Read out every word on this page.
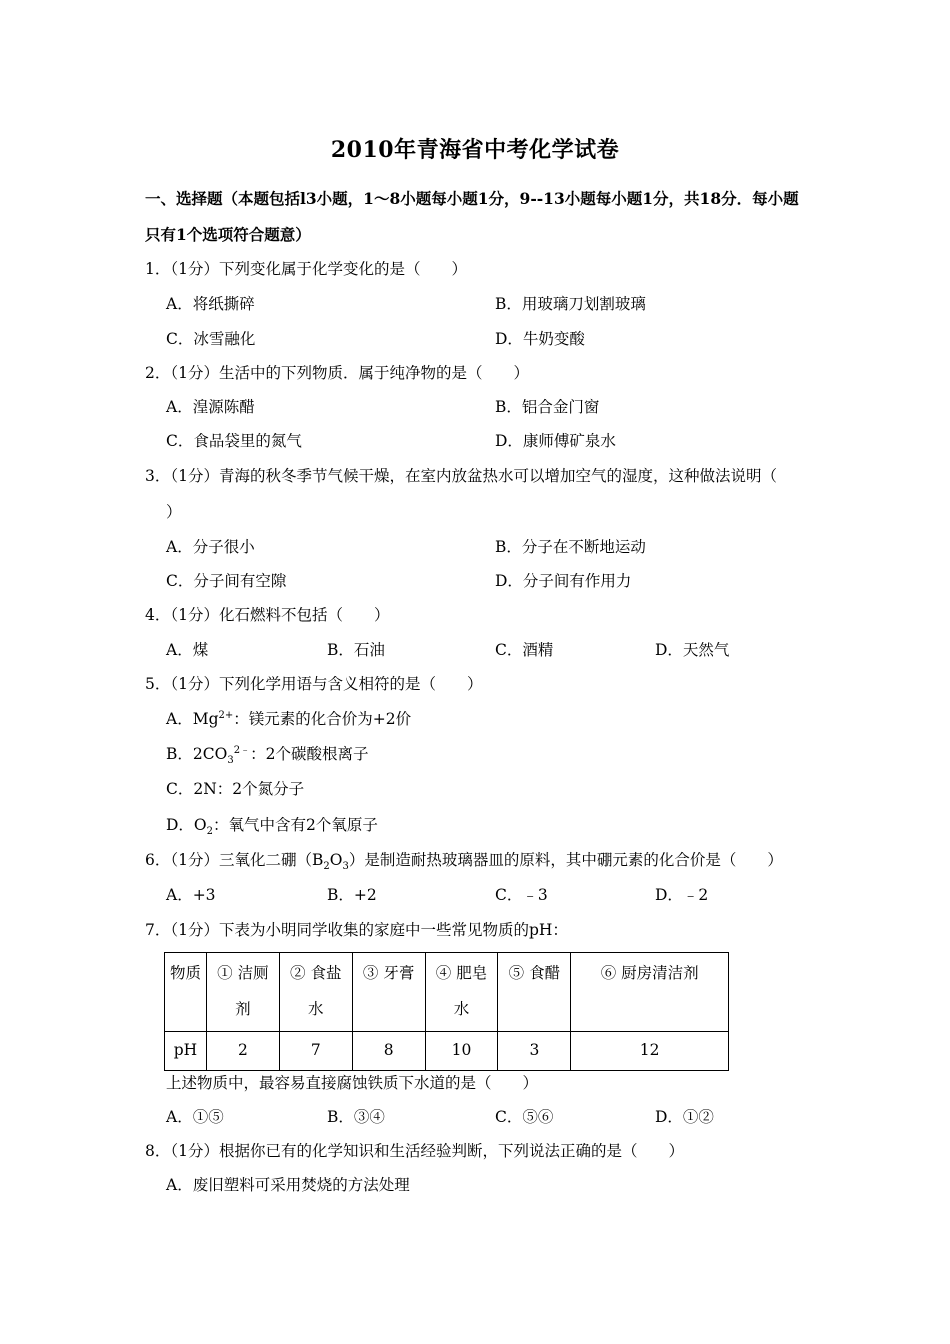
2010年青海省中考化学试卷
一、选择题（本题包括l3小题，1～8小题每小题1分，9--13小题每小题1分，共18分．每小题
只有1个选项符合题意）
1．（1分）下列变化属于化学变化的是（　　）
A．将纸撕碎	B．用玻璃刀划割玻璃
C．冰雪融化	D．牛奶变酸
2．（1分）生活中的下列物质．属于纯净物的是（　　）
A．湟源陈醋	B．铝合金门窗
C．食品袋里的氮气	D．康师傅矿泉水
3．（1分）青海的秋冬季节气候干燥，在室内放盆热水可以增加空气的湿度，这种做法说明（
）
A．分子很小	B．分子在不断地运动
C．分子间有空隙	D．分子间有作用力
4．（1分）化石燃料不包括（　　）
A．煤	B．石油	C．酒精	D．天然气
5．（1分）下列化学用语与含义相符的是（　　）
A．$Mg^{2+}$：镁元素的化合价为+2价
B．$2CO_3^{2﹣}$：2个碳酸根离子
C．2N：2个氮分子
D．$O_2$：氧气中含有2个氧原子
6．（1分）三氧化二硼$(B_2O_3)$是制造耐热玻璃器皿的原料，其中硼元素的化合价是（　　）
A．+3	B．+2	C．﹣3	D．﹣2
7．（1分）下表为小明同学收集的家庭中一些常见物质的pH：
物质	① 洁厕剂	② 食盐水	③ 牙膏	④ 肥皂水	⑤ 食醋	⑥ 厨房清洁剂
pH	2	7	8	10	3	12
上述物质中，最容易直接腐蚀铁质下水道的是（　　）
A．①⑤	B．③④	C．⑤⑥	D．①②
8．（1分）根据你已有的化学知识和生活经验判断，下列说法正确的是（　　）
A．废旧塑料可采用焚烧的方法处理
